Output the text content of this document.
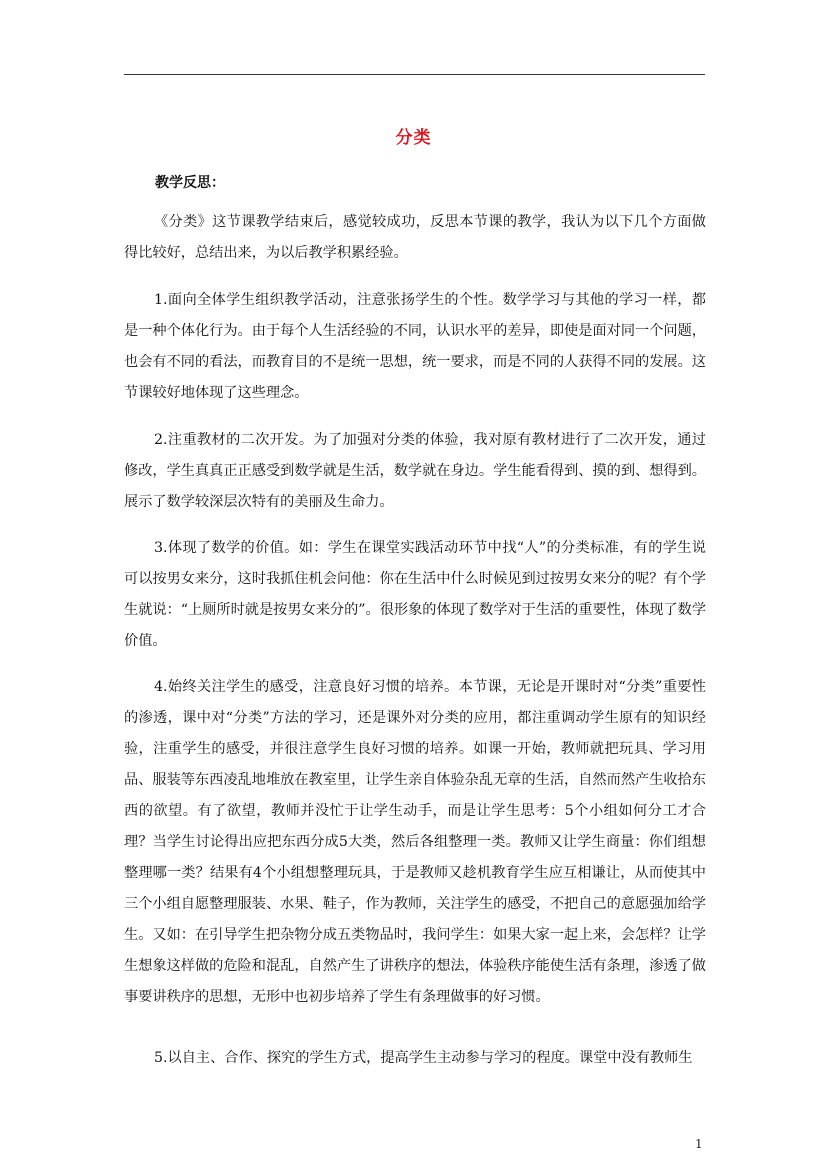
分类
教学反思：

《分类》这节课教学结束后，感觉较成功，反思本节课的教学，我认为以下几个方面做得比较好，总结出来，为以后教学积累经验。

1.面向全体学生组织教学活动，注意张扬学生的个性。数学学习与其他的学习一样，都是一种个体化行为。由于每个人生活经验的不同，认识水平的差异，即使是面对同一个问题，也会有不同的看法，而教育目的不是统一思想，统一要求，而是不同的人获得不同的发展。这节课较好地体现了这些理念。

2.注重教材的二次开发。为了加强对分类的体验，我对原有教材进行了二次开发，通过修改，学生真真正正感受到数学就是生活，数学就在身边。学生能看得到、摸的到、想得到。展示了数学较深层次特有的美丽及生命力。

3.体现了数学的价值。如：学生在课堂实践活动环节中找“人”的分类标准，有的学生说可以按男女来分，这时我抓住机会问他：你在生活中什么时候见到过按男女来分的呢？有个学生就说：“上厕所时就是按男女来分的”。很形象的体现了数学对于生活的重要性，体现了数学价值。

4.始终关注学生的感受，注意良好习惯的培养。本节课，无论是开课时对“分类”重要性的渗透，课中对“分类”方法的学习，还是课外对分类的应用，都注重调动学生原有的知识经验，注重学生的感受，并很注意学生良好习惯的培养。如课一开始，教师就把玩具、学习用品、服装等东西凌乱地堆放在教室里，让学生亲自体验杂乱无章的生活，自然而然产生收拾东西的欲望。有了欲望，教师并没忙于让学生动手，而是让学生思考：5个小组如何分工才合理？当学生讨论得出应把东西分成5大类，然后各组整理一类。教师又让学生商量：你们组想整理哪一类？结果有4个小组想整理玩具，于是教师又趁机教育学生应互相谦让，从而使其中三个小组自愿整理服装、水果、鞋子，作为教师，关注学生的感受，不把自己的意愿强加给学生。又如：在引导学生把杂物分成五类物品时，我问学生：如果大家一起上来，会怎样？让学生想象这样做的危险和混乱，自然产生了讲秩序的想法，体验秩序能使生活有条理，渗透了做事要讲秩序的思想，无形中也初步培养了学生有条理做事的好习惯。

5.以自主、合作、探究的学生方式，提高学生主动参与学习的程度。课堂中没有教师生

1
